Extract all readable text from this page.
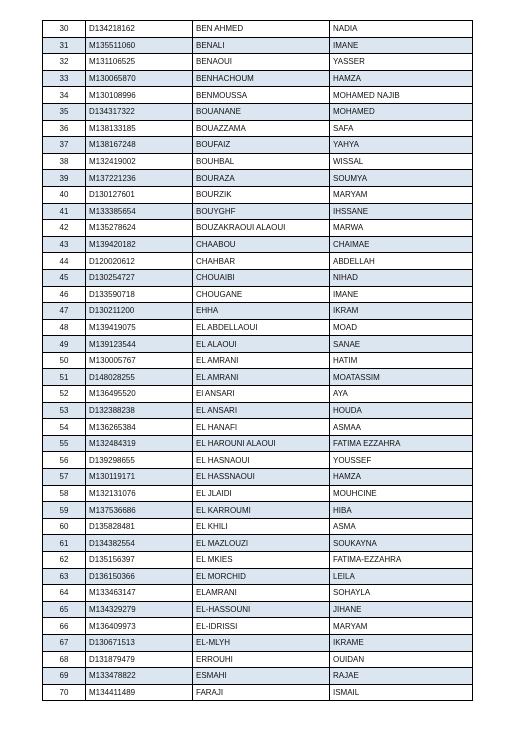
30	D134218162	BEN AHMED	NADIA
31	M135511060	BENALI	IMANE
32	M131106525	BENAOUI	YASSER
33	M130065870	BENHACHOUM	HAMZA
34	M130108996	BENMOUSSA	MOHAMED NAJIB
35	D134317322	BOUANANE	MOHAMED
36	M138133185	BOUAZZAMA	SAFA
37	M138167248	BOUFAIZ	YAHYA
38	M132419002	BOUHBAL	WISSAL
39	M137221236	BOURAZA	SOUMYA
40	D130127601	BOURZIK	MARYAM
41	M133385654	BOUYGHF	IHSSANE
42	M135278624	BOUZAKRAOUI ALAOUI	MARWA
43	M139420182	CHAABOU	CHAIMAE
44	D120020612	CHAHBAR	ABDELLAH
45	D130254727	CHOUAIBI	NIHAD
46	D133590718	CHOUGANE	IMANE
47	D130211200	EHHA	IKRAM
48	M139419075	EL ABDELLAOUI	MOAD
49	M139123544	EL ALAOUI	SANAE
50	M130005767	EL AMRANI	HATIM
51	D148028255	EL AMRANI	MOATASSIM
52	M136495520	El ANSARI	AYA
53	D132388238	EL ANSARI	HOUDA
54	M136265384	EL HANAFI	ASMAA
55	M132484319	EL HAROUNI ALAOUI	FATIMA EZZAHRA
56	D139298655	EL HASNAOUI	YOUSSEF
57	M130119171	EL HASSNAOUI	HAMZA
58	M132131076	EL JLAIDI	MOUHCINE
59	M137536686	EL KARROUMI	HIBA
60	D135828481	EL KHILI	ASMA
61	D134382554	EL MAZLOUZI	SOUKAYNA
62	D135156397	EL MKIES	FATIMA-EZZAHRA
63	D136150366	EL MORCHID	LEILA
64	M133463147	ELAMRANI	SOHAYLA
65	M134329279	EL-HASSOUNI	JIHANE
66	M136409973	EL-IDRISSI	MARYAM
67	D130671513	EL-MLYH	IKRAME
68	D131879479	ERROUHI	OUIDAN
69	M133478822	ESMAHI	RAJAE
70	M134411489	FARAJI	ISMAIL
